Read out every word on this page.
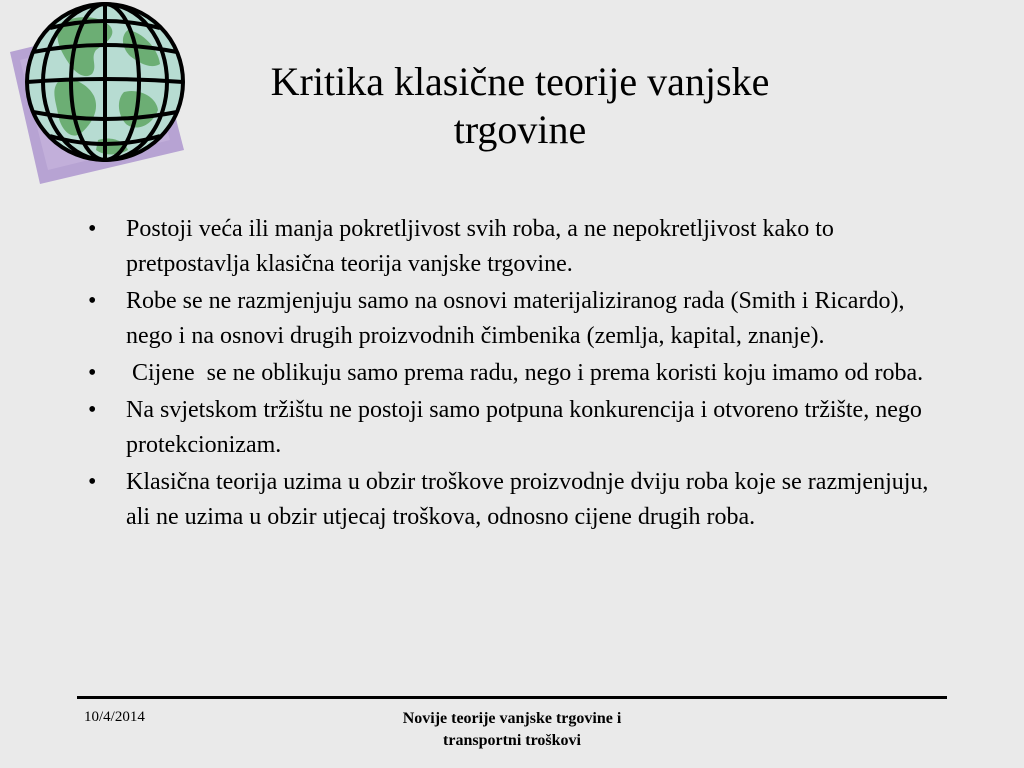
Kritika klasične teorije vanjske
trgovine
•	Postoji veća ili manja pokretljivost svih roba, a ne nepokretljivost kako to pretpostavlja klasična teorija vanjske trgovine.
•	Robe se ne razmjenjuju samo na osnovi materijaliziranog rada (Smith i Ricardo), nego i na osnovi drugih proizvodnih čimbenika (zemlja, kapital, znanje).
•	Cijene  se ne oblikuju samo prema radu, nego i prema koristi koju imamo od roba.
•	Na svjetskom tržištu ne postoji samo potpuna konkurencija i otvoreno tržište, nego protekcionizam.
•	Klasična teorija uzima u obzir troškove proizvodnje dviju roba koje se razmjenjuju, ali ne uzima u obzir utjecaj troškova, odnosno cijene drugih roba.
10/4/2014	Novije teorije vanjske trgovine i
transportni troškovi
